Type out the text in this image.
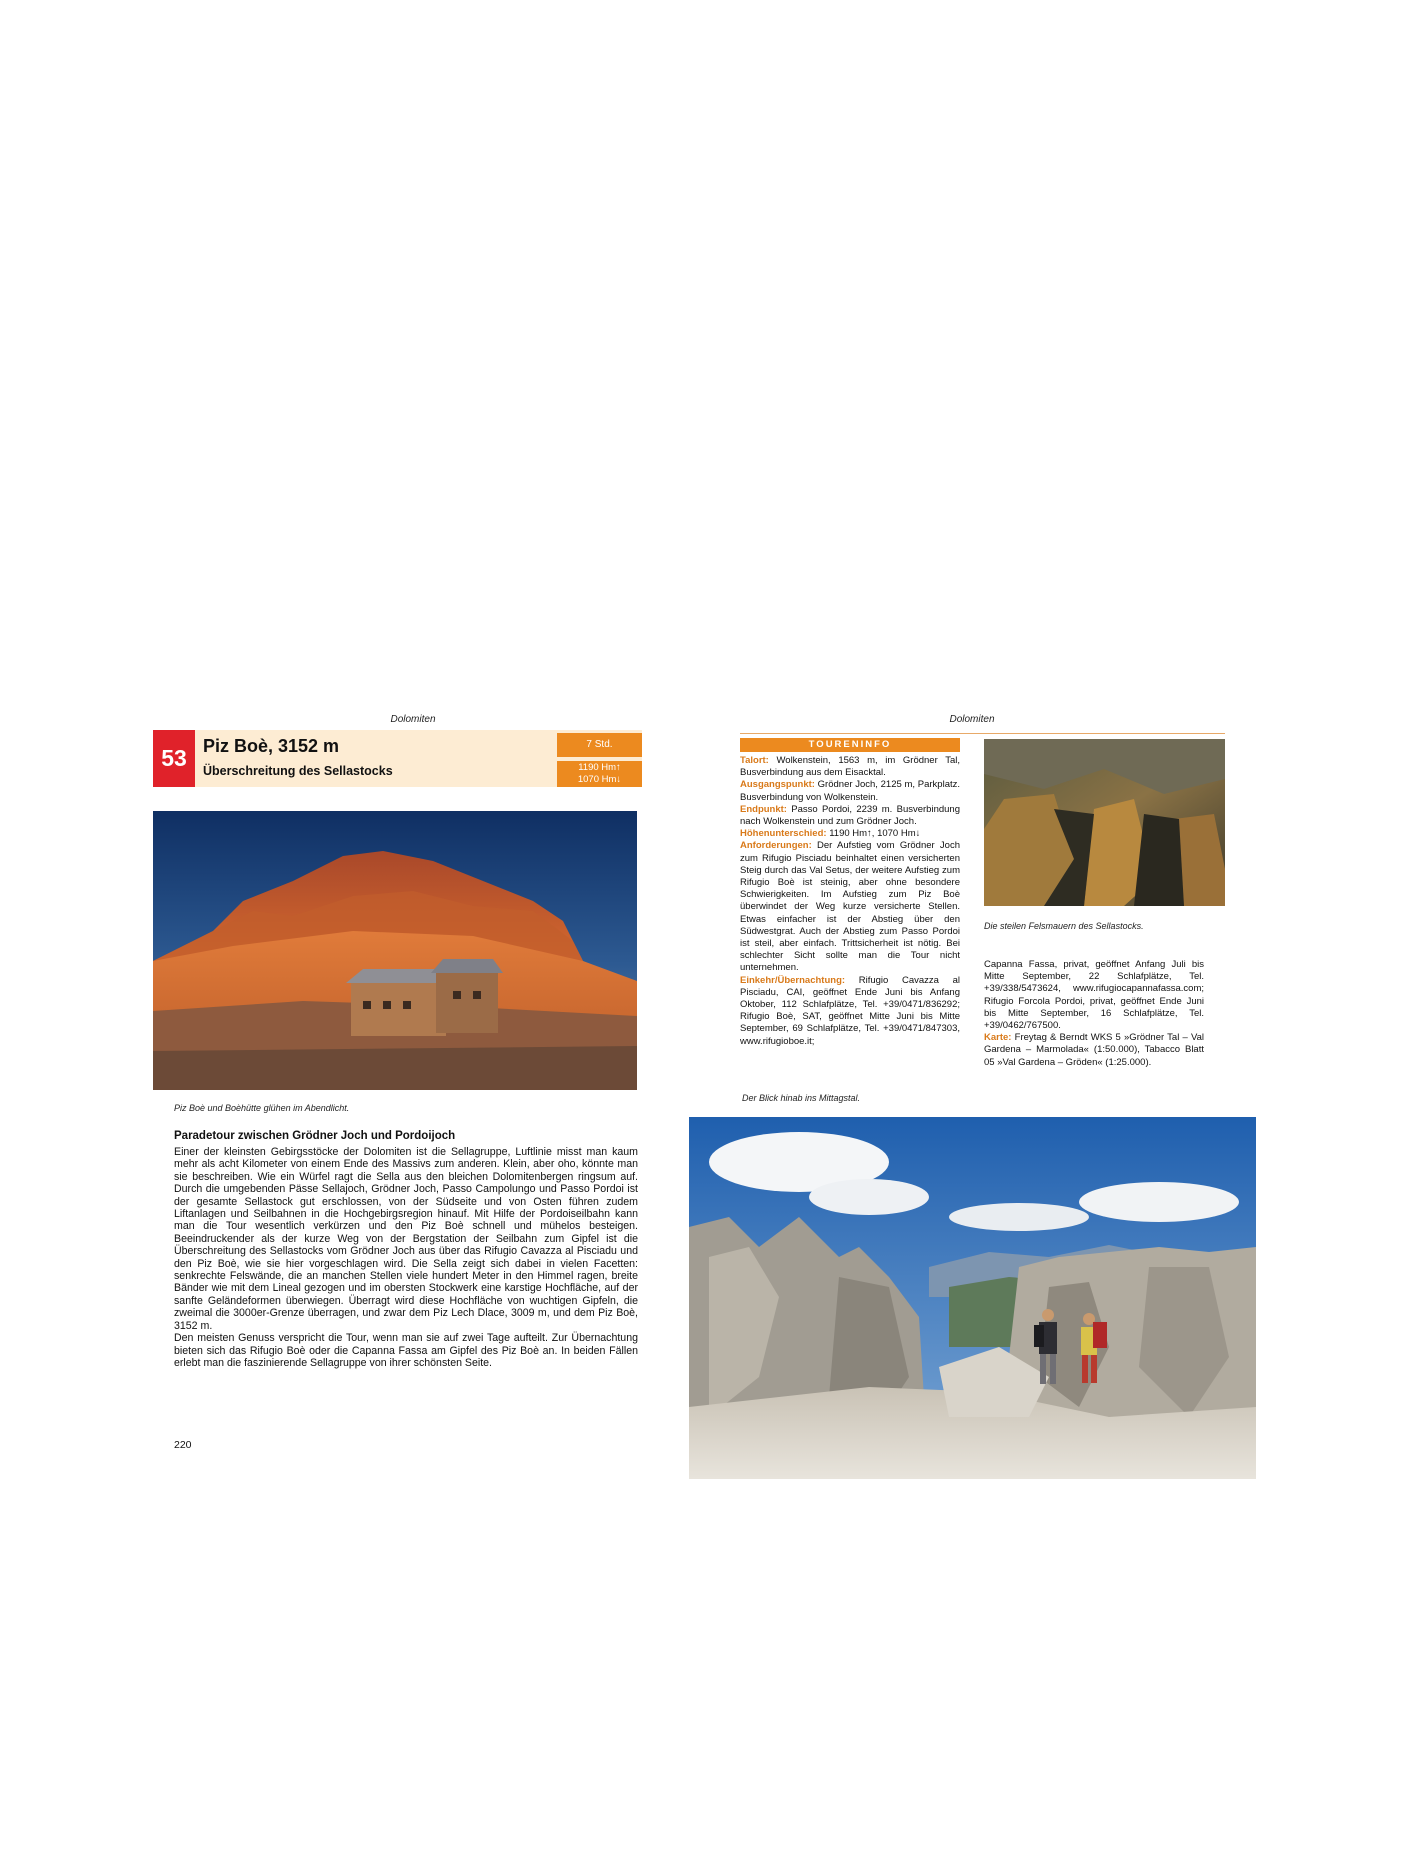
Dolomiten
53 Piz Boè, 3152 m
Überschreitung des Sellastocks
7 Std.
1190 Hm↑
1070 Hm↓
Piz Boè und Boèhütte glühen im Abendlicht.
Paradetour zwischen Grödner Joch und Pordoijoch
Einer der kleinsten Gebirgsstöcke der Dolomiten ist die Sellagruppe, Luftlinie misst man kaum mehr als acht Kilometer von einem Ende des Massivs zum anderen. Klein, aber oho, könnte man sie beschreiben. Wie ein Würfel ragt die Sella aus den bleichen Dolomitenbergen ringsum auf. Durch die umgebenden Pässe Sellajoch, Grödner Joch, Passo Campolungo und Passo Pordoi ist der gesamte Sellastock gut erschlossen, von der Südseite und von Osten führen zudem Liftanlagen und Seilbahnen in die Hochgebirgsregion hinauf. Mit Hilfe der Pordoiseilbahn kann man die Tour wesentlich verkürzen und den Piz Boè schnell und mühelos besteigen. Beeindruckender als der kurze Weg von der Bergstation der Seilbahn zum Gipfel ist die Überschreitung des Sellastocks vom Grödner Joch aus über das Rifugio Cavazza al Pisciadu und den Piz Boè, wie sie hier vorgeschlagen wird. Die Sella zeigt sich dabei in vielen Facetten: senkrechte Felswände, die an manchen Stellen viele hundert Meter in den Himmel ragen, breite Bänder wie mit dem Lineal gezogen und im obersten Stockwerk eine karstige Hochfläche, auf der sanfte Geländeformen überwiegen. Überragt wird diese Hochfläche von wuchtigen Gipfeln, die zweimal die 3000er-Grenze überragen, und zwar dem Piz Lech Dlace, 3009 m, und dem Piz Boè, 3152 m.
Den meisten Genuss verspricht die Tour, wenn man sie auf zwei Tage aufteilt. Zur Übernachtung bieten sich das Rifugio Boè oder die Capanna Fassa am Gipfel des Piz Boè an. In beiden Fällen erlebt man die faszinierende Sellagruppe von ihrer schönsten Seite.
220
Dolomiten
TOURENINFO
Talort: Wolkenstein, 1563 m, im Grödner Tal, Busverbindung aus dem Eisacktal.
Ausgangspunkt: Grödner Joch, 2125 m, Parkplatz. Busverbindung von Wolkenstein.
Endpunkt: Passo Pordoi, 2239 m. Busverbindung nach Wolkenstein und zum Grödner Joch.
Höhenunterschied: 1190 Hm↑, 1070 Hm↓
Anforderungen: Der Aufstieg vom Grödner Joch zum Rifugio Pisciadu beinhaltet einen versicherten Steig durch das Val Setus, der weitere Aufstieg zum Rifugio Boè ist steinig, aber ohne besondere Schwierigkeiten. Im Aufstieg zum Piz Boè überwindet der Weg kurze versicherte Stellen. Etwas einfacher ist der Abstieg über den Südwestgrat. Auch der Abstieg zum Passo Pordoi ist steil, aber einfach. Trittsicherheit ist nötig. Bei schlechter Sicht sollte man die Tour nicht unternehmen.
Einkehr/Übernachtung: Rifugio Cavazza al Pisciadu, CAI, geöffnet Ende Juni bis Anfang Oktober, 112 Schlafplätze, Tel. +39/0471/836292; Rifugio Boè, SAT, geöffnet Mitte Juni bis Mitte September, 69 Schlafplätze, Tel. +39/0471/847303, www.rifugioboe.it;
Die steilen Felsmauern des Sellastocks.
Capanna Fassa, privat, geöffnet Anfang Juli bis Mitte September, 22 Schlafplätze, Tel. +39/338/5473624, www.rifugiocapannafassa.com; Rifugio Forcola Pordoi, privat, geöffnet Ende Juni bis Mitte September, 16 Schlafplätze, Tel. +39/0462/767500.
Karte: Freytag & Berndt WKS 5 »Grödner Tal – Val Gardena – Marmolada« (1:50.000), Tabacco Blatt 05 »Val Gardena – Gröden« (1:25.000).
Der Blick hinab ins Mittagstal.
